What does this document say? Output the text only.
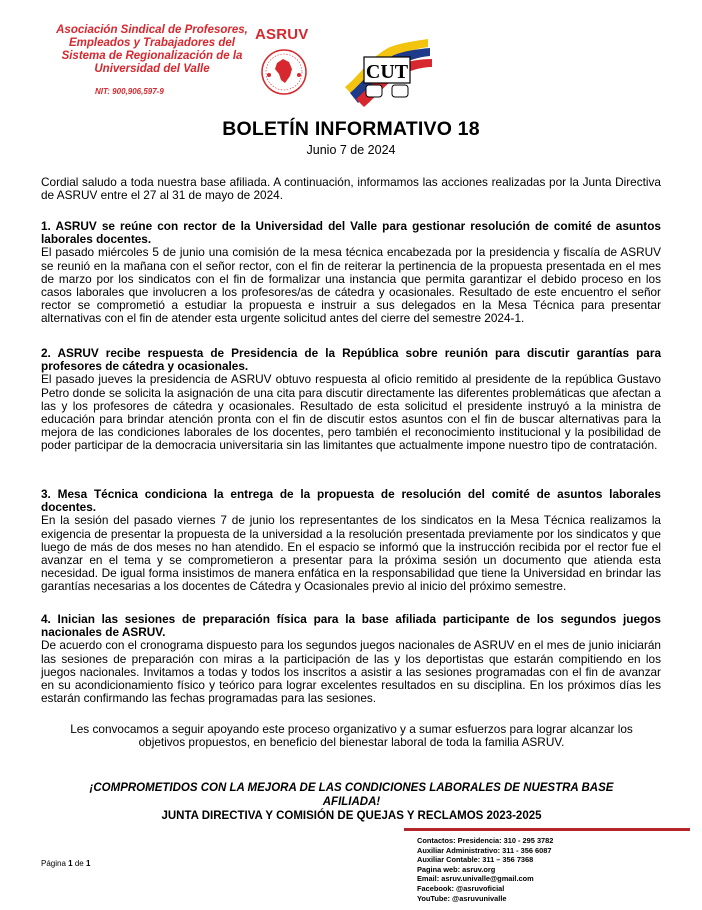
Asociación Sindical de Profesores,
Empleados y Trabajadores del
Sistema de Regionalización de la
Universidad del Valle
NIT: 900,906,597-9
ASRUV
CUT
BOLETÍN INFORMATIVO 18
Junio 7 de 2024

Cordial saludo a toda nuestra base afiliada. A continuación, informamos las acciones realizadas por la Junta Directiva de ASRUV entre el 27 al 31 de mayo de 2024.

1. ASRUV se reúne con rector de la Universidad del Valle para gestionar resolución de comité de asuntos laborales docentes.

El pasado miércoles 5 de junio una comisión de la mesa técnica encabezada por la presidencia y fiscalía de ASRUV se reunió en la mañana con el señor rector, con el fin de reiterar la pertinencia de la propuesta presentada en el mes de marzo por los sindicatos con el fin de formalizar una instancia que permita garantizar el debido proceso en los casos laborales que involucren a los profesores/as de cátedra y ocasionales. Resultado de este encuentro el señor rector se comprometió a estudiar la propuesta e instruir a sus delegados en la Mesa Técnica para presentar alternativas con el fin de atender esta urgente solicitud antes del cierre del semestre 2024-1.

2. ASRUV recibe respuesta de Presidencia de la República sobre reunión para discutir garantías para profesores de cátedra y ocasionales.

El pasado jueves la presidencia de ASRUV obtuvo respuesta al oficio remitido al presidente de la república Gustavo Petro donde se solicita la asignación de una cita para discutir directamente las diferentes problemáticas que afectan a las y los profesores de cátedra y ocasionales. Resultado de esta solicitud el presidente instruyó a la ministra de educación para brindar atención pronta con el fin de discutir estos asuntos con el fin de buscar alternativas para la mejora de las condiciones laborales de los docentes, pero también el reconocimiento institucional y la posibilidad de poder participar de la democracia universitaria sin las limitantes que actualmente impone nuestro tipo de contratación.

3. Mesa Técnica condiciona la entrega de la propuesta de resolución del comité de asuntos laborales docentes.

En la sesión del pasado viernes 7 de junio los representantes de los sindicatos en la Mesa Técnica realizamos la exigencia de presentar la propuesta de la universidad a la resolución presentada previamente por los sindicatos y que luego de más de dos meses no han atendido. En el espacio se informó que la instrucción recibida por el rector fue el avanzar en el tema y se comprometieron a presentar para la próxima sesión un documento que atienda esta necesidad. De igual forma insistimos de manera enfática en la responsabilidad que tiene la Universidad en brindar las garantías necesarias a los docentes de Cátedra y Ocasionales previo al inicio del próximo semestre.

4. Inician las sesiones de preparación física para la base afiliada participante de los segundos juegos nacionales de ASRUV.

De acuerdo con el cronograma dispuesto para los segundos juegos nacionales de ASRUV en el mes de junio iniciarán las sesiones de preparación con miras a la participación de las y los deportistas que estarán compitiendo en los juegos nacionales. Invitamos a todas y todos los inscritos a asistir a las sesiones programadas con el fin de avanzar en su acondicionamiento físico y teórico para lograr excelentes resultados en su disciplina. En los próximos días les estarán confirmando las fechas programadas para las sesiones.

Les convocamos a seguir apoyando este proceso organizativo y a sumar esfuerzos para lograr alcanzar los objetivos propuestos, en beneficio del bienestar laboral de toda la familia ASRUV.
¡COMPROMETIDOS CON LA MEJORA DE LAS CONDICIONES LABORALES DE NUESTRA BASE AFILIADA!
JUNTA DIRECTIVA Y COMISIÓN DE QUEJAS Y RECLAMOS 2023-2025
Contactos: Presidencia: 310 - 295 3782
Auxiliar Administrativo: 311 - 356 6087
Auxiliar Contable: 311 – 356 7368
Pagina web: asruv.org
Email: asruv.univalle@gmail.com
Facebook: @asruvoficial
YouTube: @asruvunivalle
Página 1 de 1
